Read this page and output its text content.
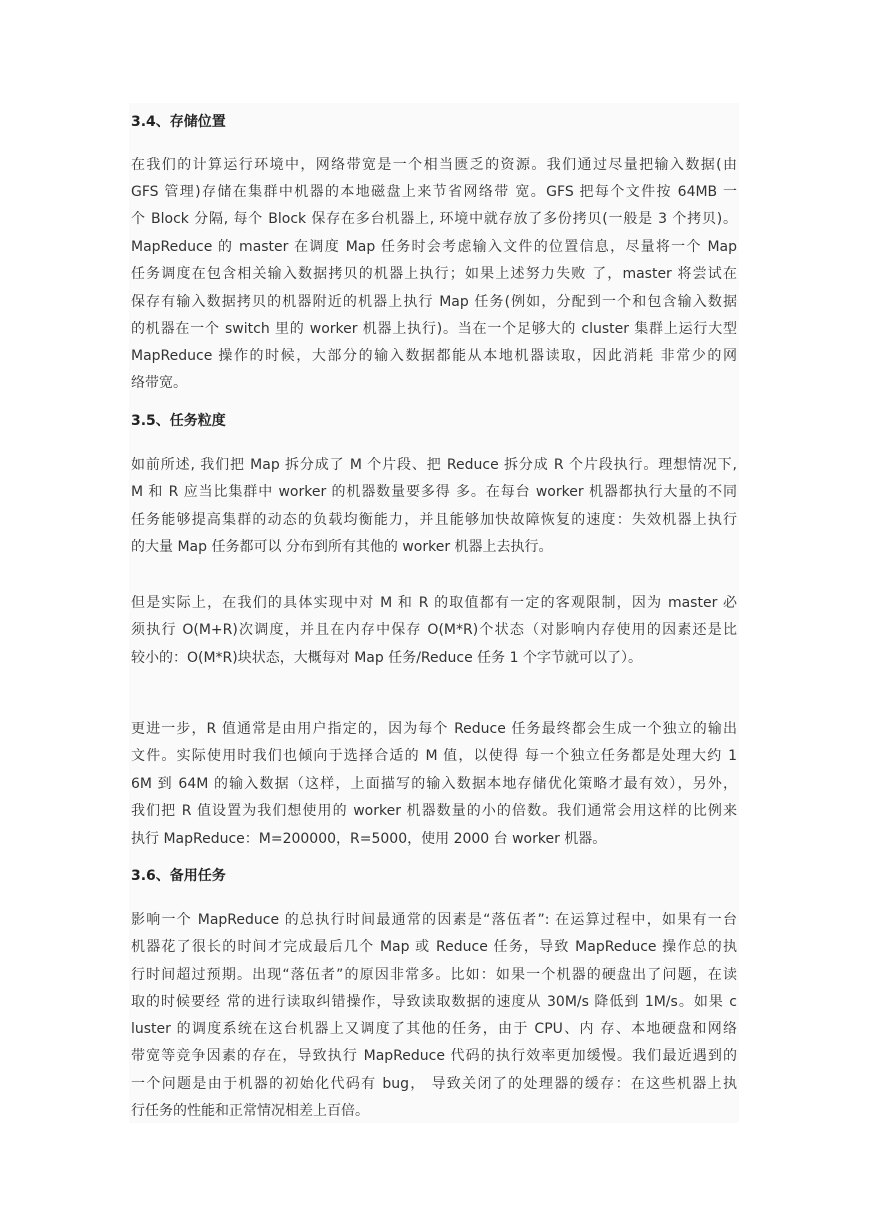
3.4、存储位置
在我们的计算运行环境中，网络带宽是一个相当匮乏的资源。我们通过尽量把输入数据(由
GFS 管理)存储在集群中机器的本地磁盘上来节省网络带 宽。GFS 把每个文件按 64MB 一
个 Block 分隔, 每个 Block 保存在多台机器上, 环境中就存放了多份拷贝(一般是 3 个拷贝)。
MapReduce 的 master 在调度 Map 任务时会考虑输入文件的位置信息，尽量将一个 Map
任务调度在包含相关输入数据拷贝的机器上执行；如果上述努力失败 了，master 将尝试在
保存有输入数据拷贝的机器附近的机器上执行 Map 任务(例如，分配到一个和包含输入数据
的机器在一个 switch 里的 worker 机器上执行)。当在一个足够大的 cluster 集群上运行大型
MapReduce 操作的时候，大部分的输入数据都能从本地机器读取，因此消耗 非常少的网
络带宽。
3.5、任务粒度
如前所述, 我们把 Map 拆分成了 M 个片段、把 Reduce 拆分成 R 个片段执行。理想情况下,
M 和 R 应当比集群中 worker 的机器数量要多得 多。在每台 worker 机器都执行大量的不同
任务能够提高集群的动态的负载均衡能力，并且能够加快故障恢复的速度：失效机器上执行
的大量 Map 任务都可以 分布到所有其他的 worker 机器上去执行。
但是实际上，在我们的具体实现中对 M 和 R 的取值都有一定的客观限制，因为 master 必
须执行 O(M+R)次调度，并且在内存中保存 O(M*R)个状态（对影响内存使用的因素还是比
较小的：O(M*R)块状态，大概每对 Map 任务/Reduce 任务 1 个字节就可以了）。
更进一步，R 值通常是由用户指定的，因为每个 Reduce 任务最终都会生成一个独立的输出
文件。实际使用时我们也倾向于选择合适的 M 值，以使得 每一个独立任务都是处理大约 1
6M 到 64M 的输入数据（这样，上面描写的输入数据本地存储优化策略才最有效），另外，
我们把 R 值设置为我们想使用的 worker 机器数量的小的倍数。我们通常会用这样的比例来
执行 MapReduce：M=200000，R=5000，使用 2000 台 worker 机器。
3.6、备用任务
影响一个 MapReduce 的总执行时间最通常的因素是“落伍者”: 在运算过程中，如果有一台
机器花了很长的时间才完成最后几个 Map 或 Reduce 任务，导致 MapReduce 操作总的执
行时间超过预期。出现“落伍者”的原因非常多。比如：如果一个机器的硬盘出了问题，在读
取的时候要经 常的进行读取纠错操作，导致读取数据的速度从 30M/s 降低到 1M/s。如果 c
luster 的调度系统在这台机器上又调度了其他的任务，由于 CPU、内 存、本地硬盘和网络
带宽等竞争因素的存在，导致执行 MapReduce 代码的执行效率更加缓慢。我们最近遇到的
一个问题是由于机器的初始化代码有 bug， 导致关闭了的处理器的缓存：在这些机器上执
行任务的性能和正常情况相差上百倍。
